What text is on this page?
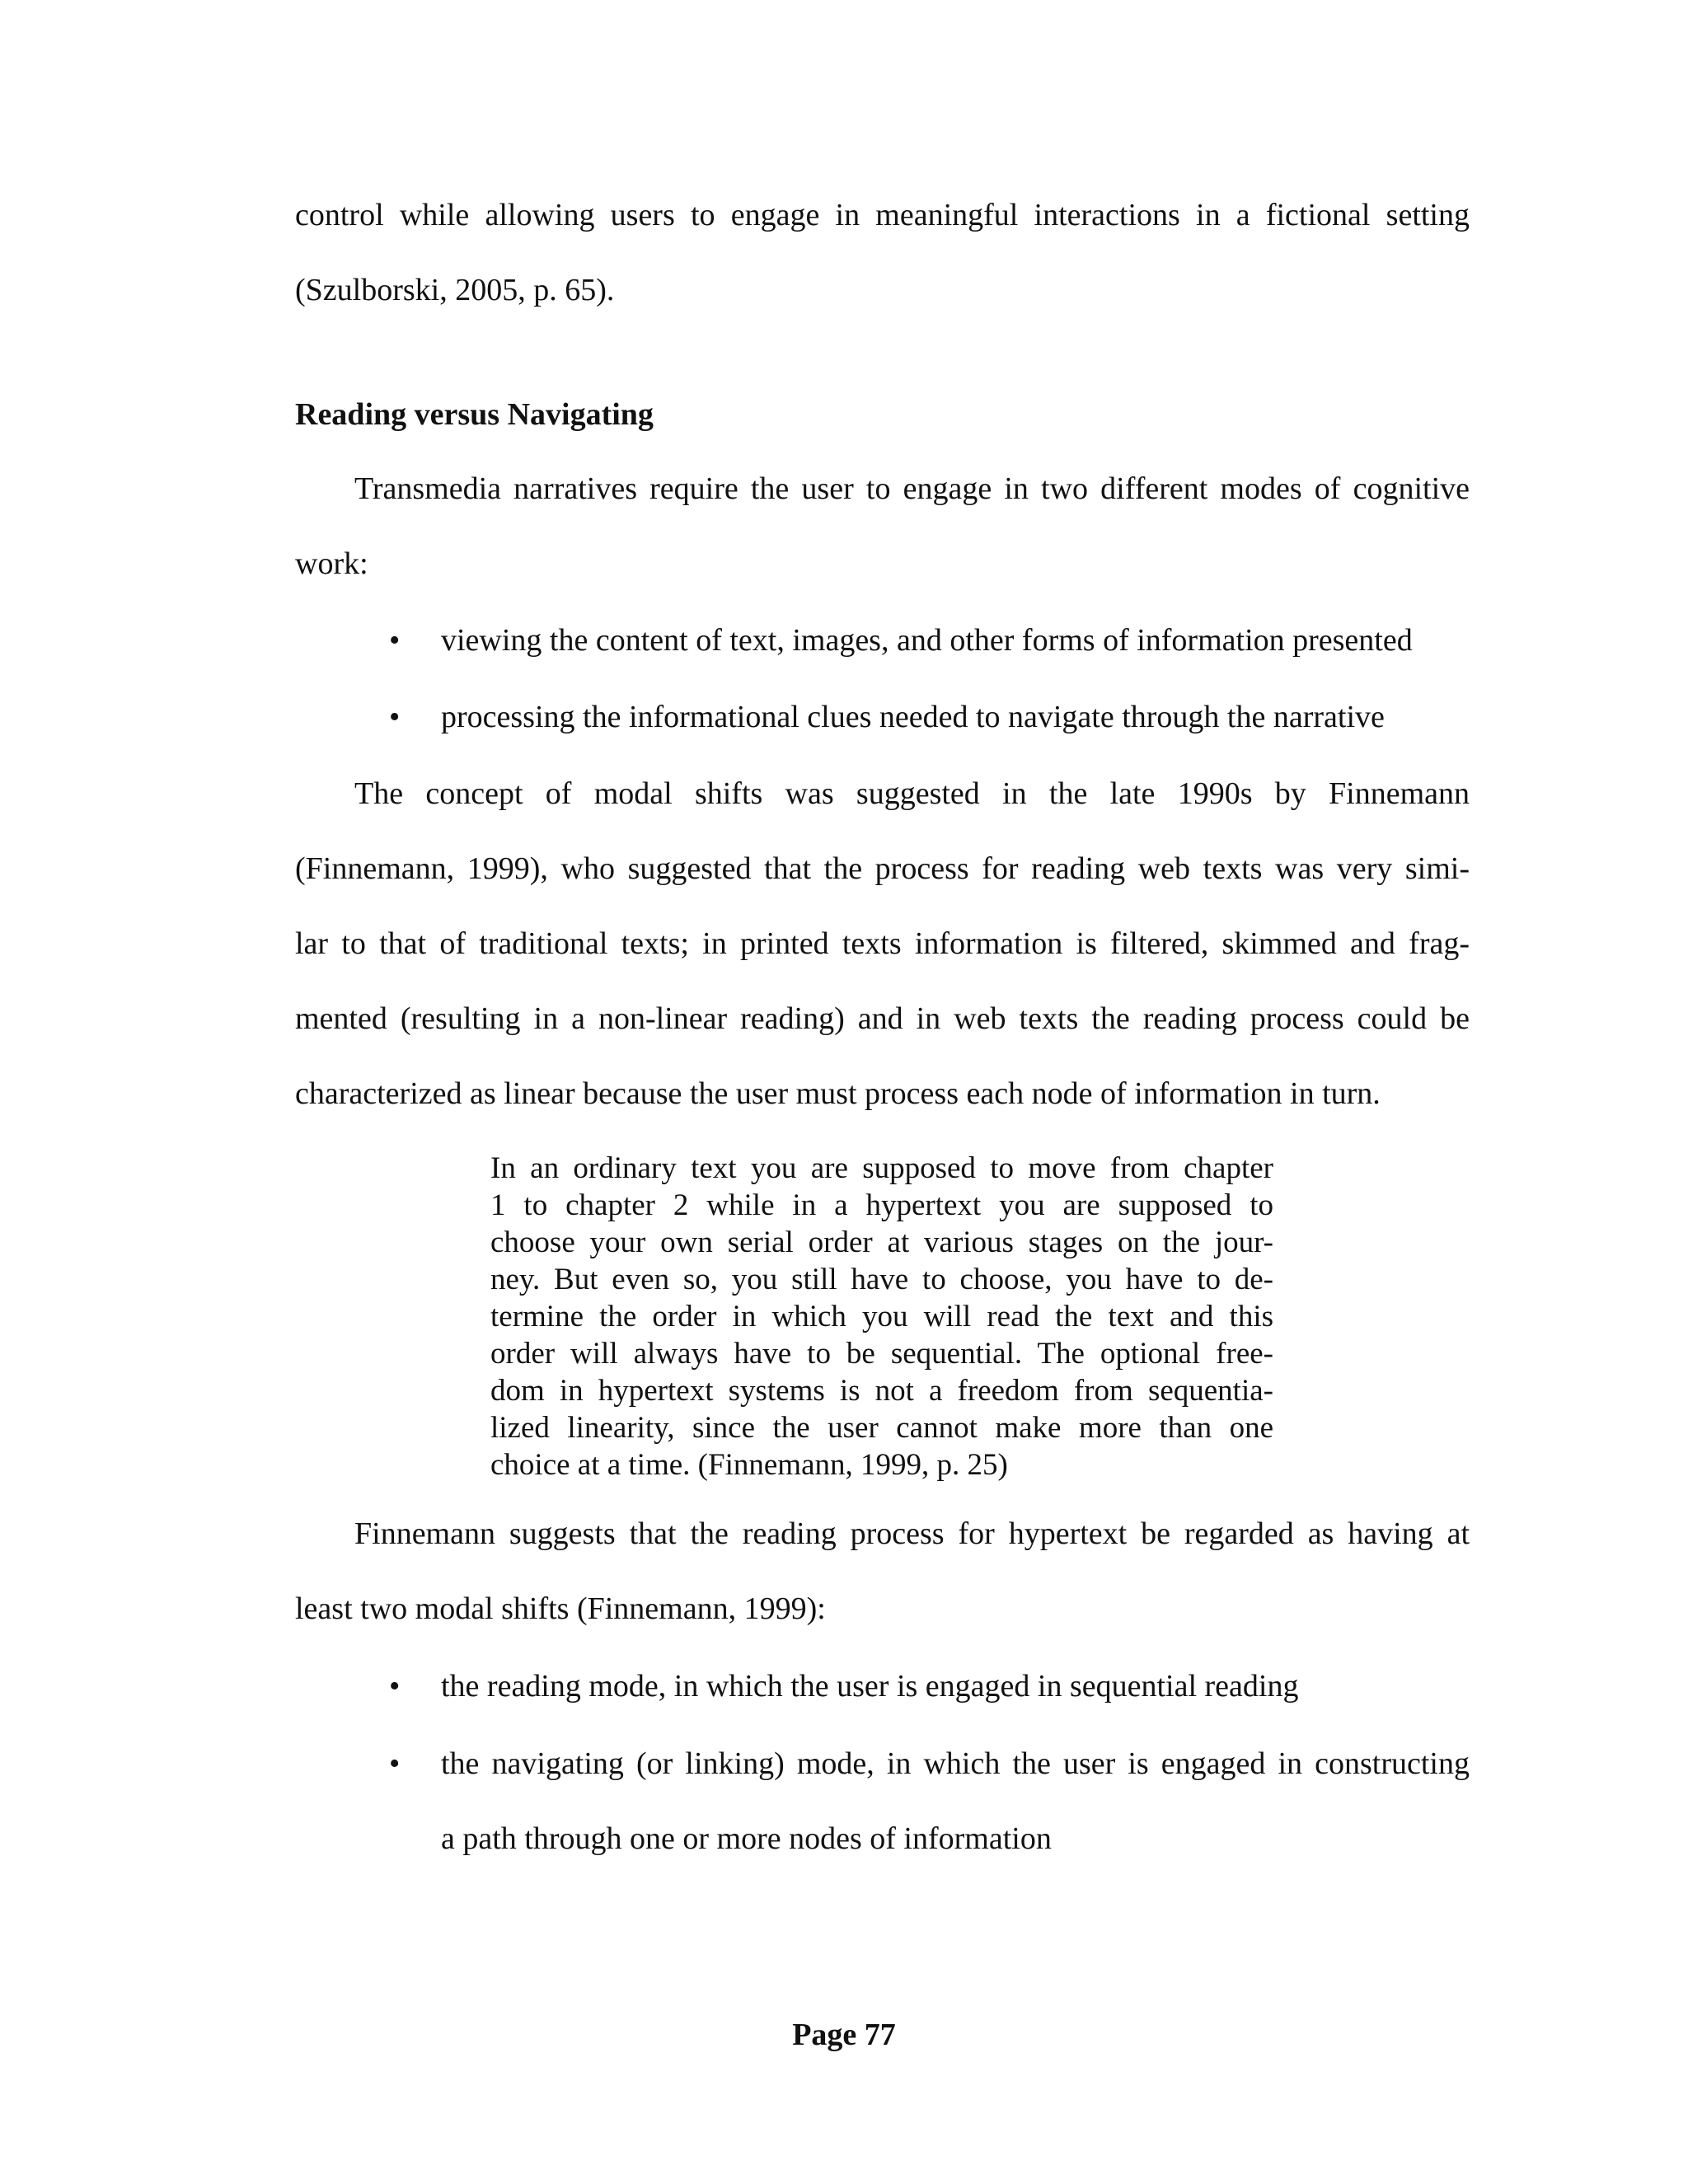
control while allowing users to engage in meaningful interactions in a fictional setting
(Szulborski, 2005, p. 65).
Reading versus Navigating
Transmedia narratives require the user to engage in two different modes of cognitive
work:
• viewing the content of text, images, and other forms of information presented
• processing the informational clues needed to navigate through the narrative
The concept of modal shifts was suggested in the late 1990s by Finnemann
(Finnemann, 1999), who suggested that the process for reading web texts was very simi-
lar to that of traditional texts; in printed texts information is filtered, skimmed and frag-
mented (resulting in a non-linear reading) and in web texts the reading process could be
characterized as linear because the user must process each node of information in turn.
In an ordinary text you are supposed to move from chapter
1 to chapter 2 while in a hypertext you are supposed to
choose your own serial order at various stages on the jour-
ney. But even so, you still have to choose, you have to de-
termine the order in which you will read the text and this
order will always have to be sequential. The optional free-
dom in hypertext systems is not a freedom from sequentia-
lized linearity, since the user cannot make more than one
choice at a time. (Finnemann, 1999, p. 25)
Finnemann suggests that the reading process for hypertext be regarded as having at
least two modal shifts (Finnemann, 1999):
• the reading mode, in which the user is engaged in sequential reading
• the navigating (or linking) mode, in which the user is engaged in constructing
a path through one or more nodes of information
Page 77
